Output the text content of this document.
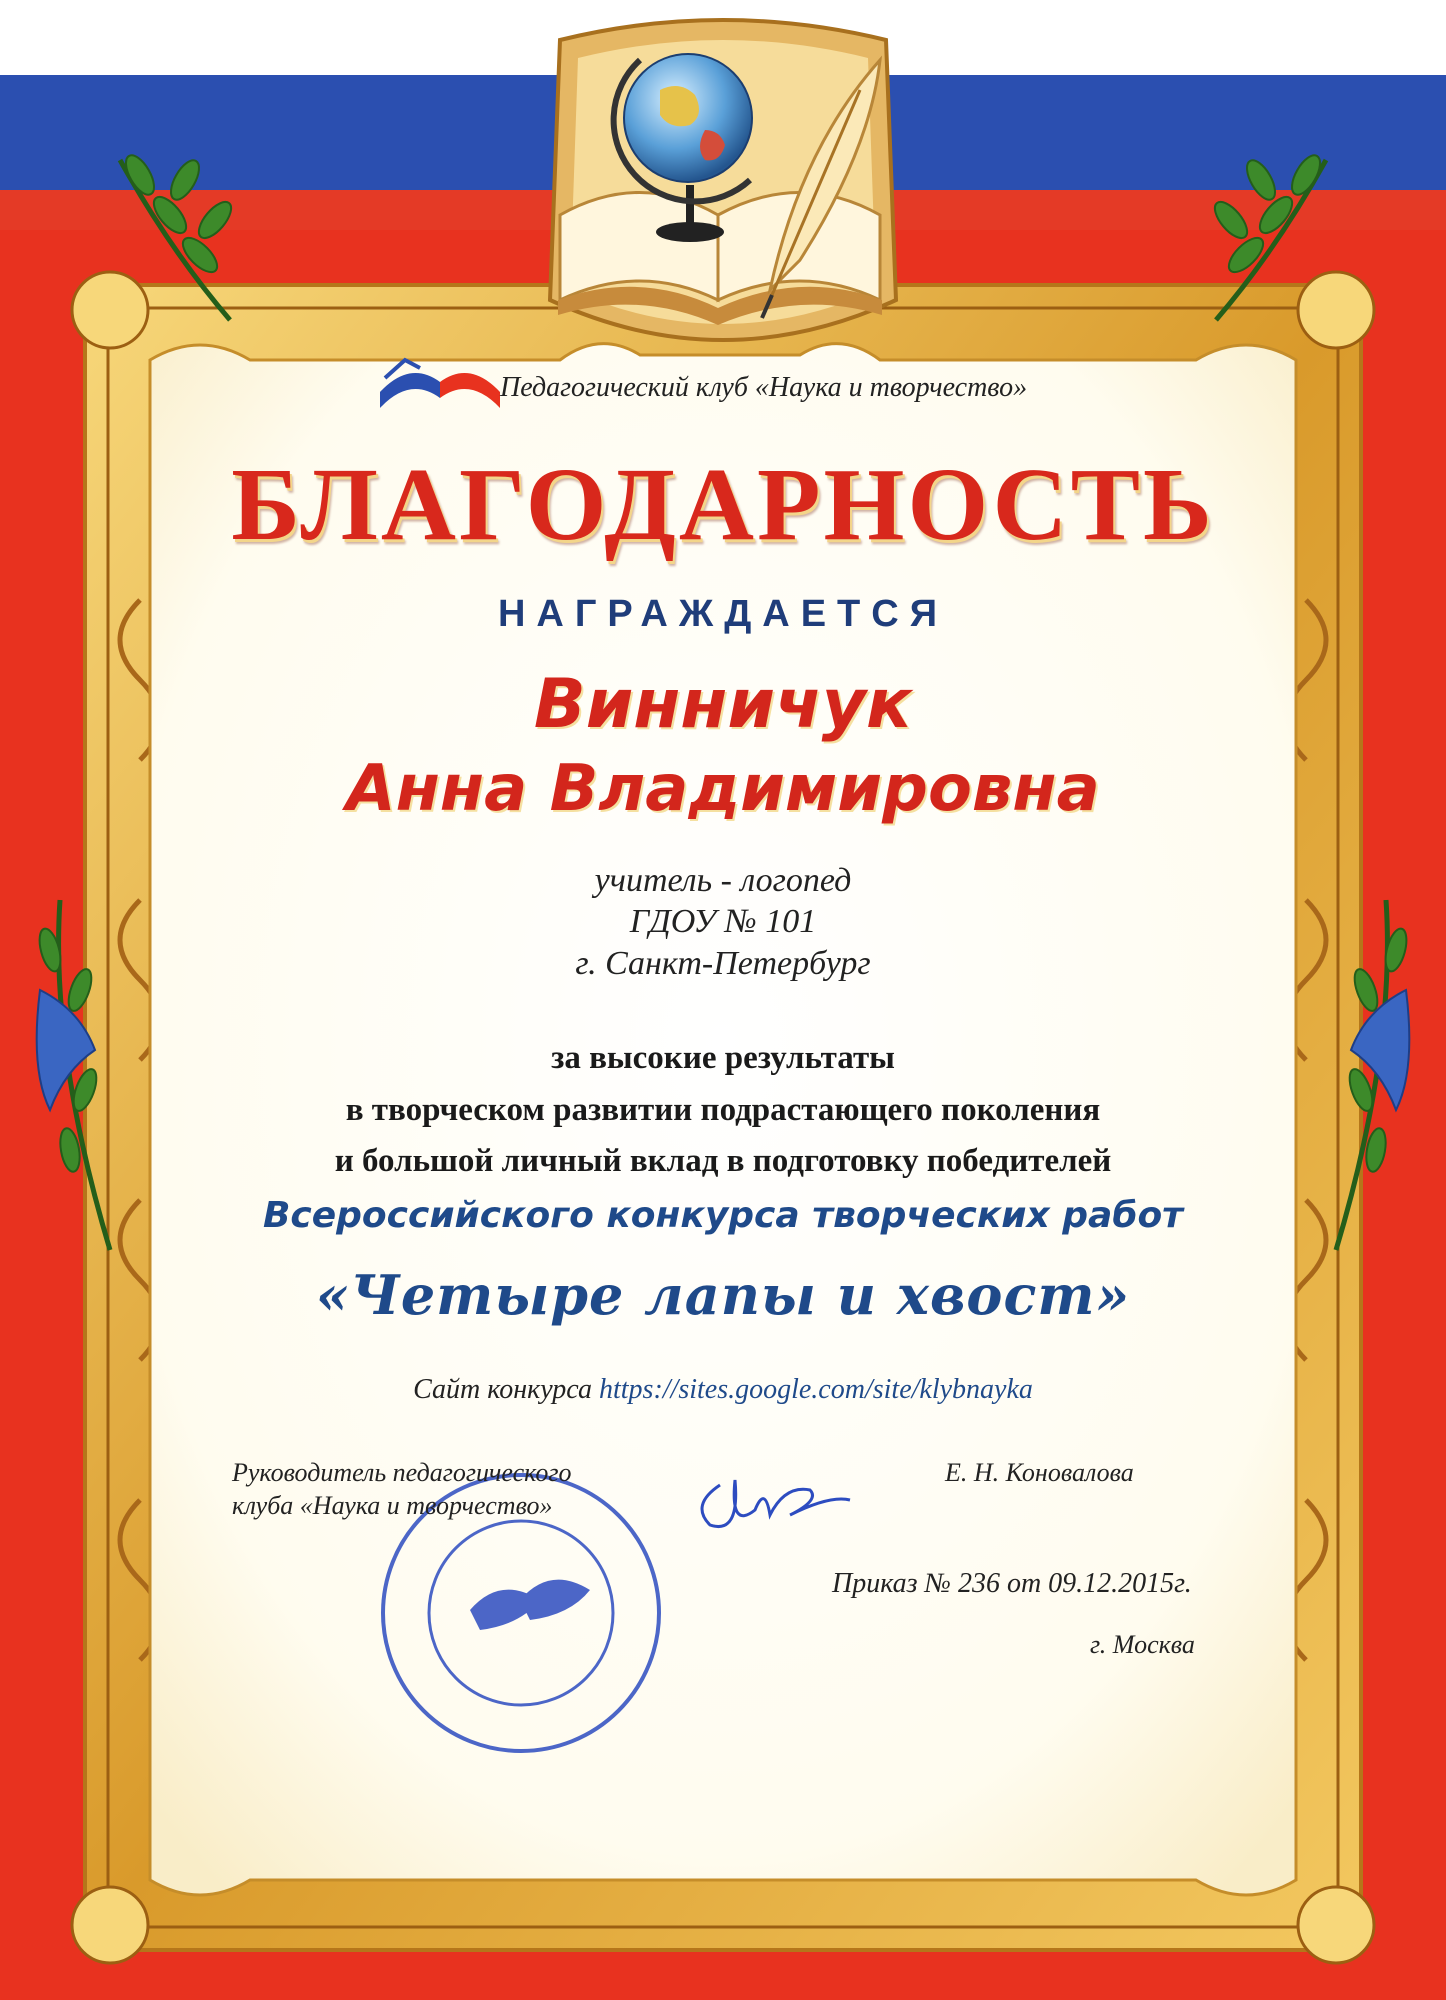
Педагогический клуб «Наука и творчество»
БЛАГОДАРНОСТЬ
НАГРАЖДАЕТСЯ
Винничук
Анна Владимировна
учитель - логопед
ГДОУ № 101
г. Санкт-Петербург
за высокие результаты
в творческом развитии подрастающего поколения
и большой личный вклад в подготовку победителей
Всероссийского конкурса творческих работ
«Четыре лапы и хвост»
Сайт конкурса https://sites.google.com/site/klybnayka
Руководитель педагогического
клуба «Наука и творчество»
Е. Н. Коновалова
Приказ № 236 от 09.12.2015г.
г. Москва
